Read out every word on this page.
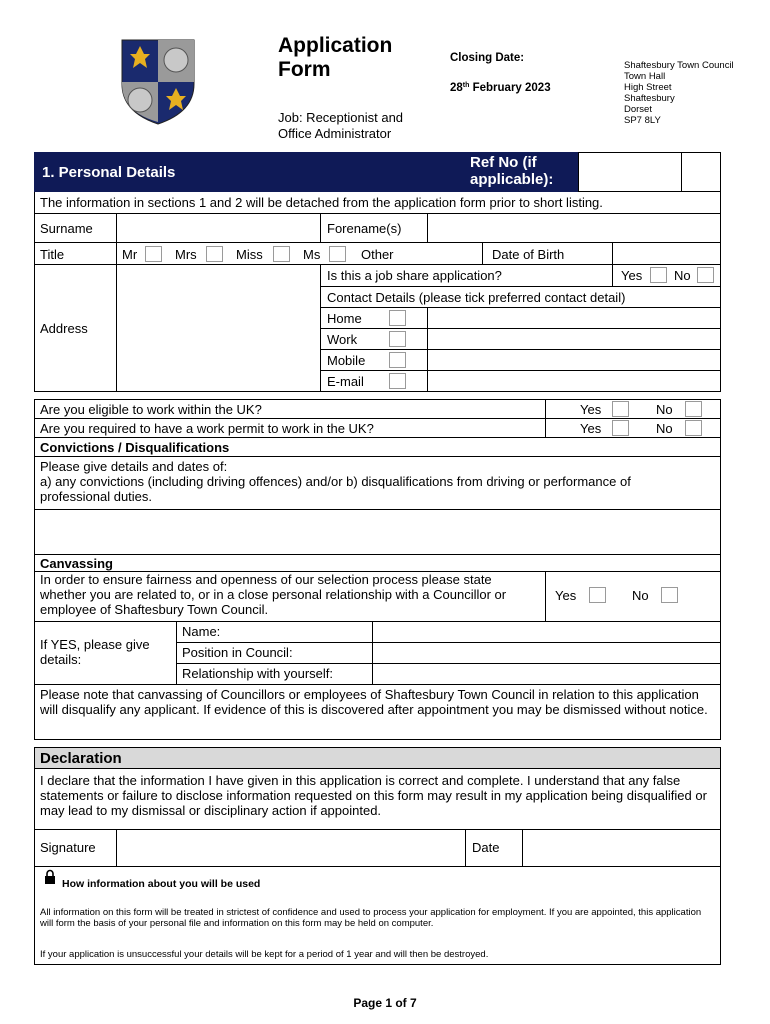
Application Form
Job: Receptionist and Office Administrator
Closing Date:
28th February 2023
Shaftesbury Town Council
Town Hall
High Street
Shaftesbury
Dorset
SP7 8LY
1. Personal Details
Ref No (if applicable):
The information in sections 1 and 2 will be detached from the application form prior to short listing.
Surname	Forename(s)
Title	Mr	Mrs	Miss	Ms	Other	Date of Birth
Address
Is this a job share application?	Yes No
Contact Details (please tick preferred contact detail)
Home
Work
Mobile
E-mail
Are you eligible to work within the UK?	Yes	No
Are you required to have a work permit to work in the UK?	Yes	No
Convictions / Disqualifications
Please give details and dates of:
a) any convictions (including driving offences) and/or b) disqualifications from driving or performance of professional duties.
Canvassing
In order to ensure fairness and openness of our selection process please state whether you are related to, or in a close personal relationship with a Councillor or employee of Shaftesbury Town Council.
Yes	No
If YES, please give details:
Name:
Position in Council:
Relationship with yourself:
Please note that canvassing of Councillors or employees of Shaftesbury Town Council in relation to this application will disqualify any applicant. If evidence of this is discovered after appointment you may be dismissed without notice.
Declaration
I declare that the information I have given in this application is correct and complete. I understand that any false statements or failure to disclose information requested on this form may result in my application being disqualified or may lead to my dismissal or disciplinary action if appointed.
Signature	Date
How information about you will be used
All information on this form will be treated in strictest of confidence and used to process your application for employment. If you are appointed, this application will form the basis of your personal file and information on this form may be held on computer.
If your application is unsuccessful your details will be kept for a period of 1 year and will then be destroyed.
Page 1 of 7
